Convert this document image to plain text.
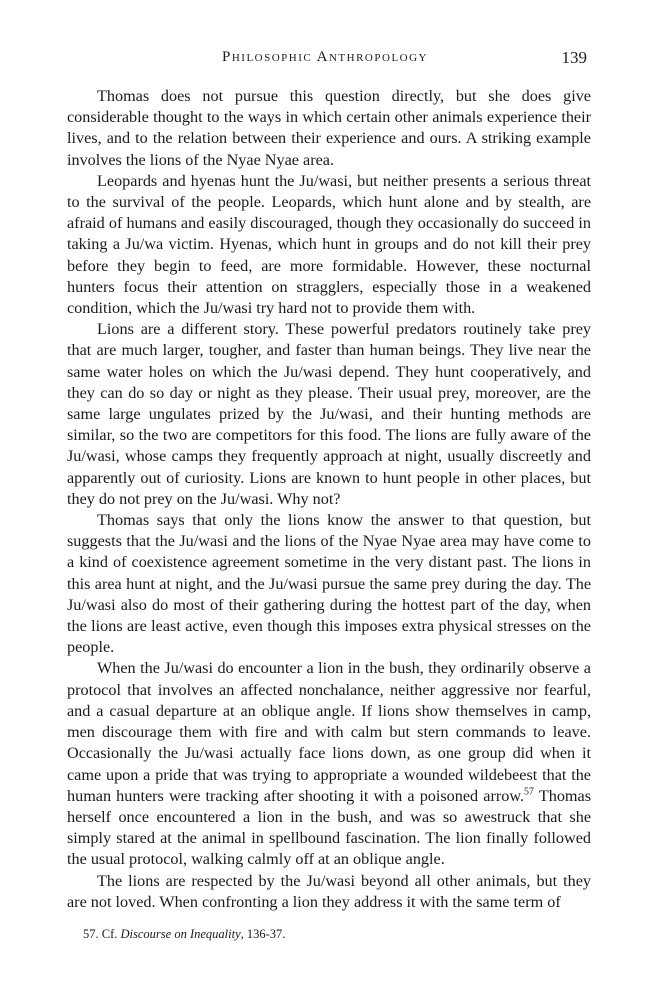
Philosophic Anthropology	139

Thomas does not pursue this question directly, but she does give considerable thought to the ways in which certain other animals experience their lives, and to the relation between their experience and ours. A striking example involves the lions of the Nyae Nyae area.

Leopards and hyenas hunt the Ju/wasi, but neither presents a serious threat to the survival of the people. Leopards, which hunt alone and by stealth, are afraid of humans and easily discouraged, though they occasionally do succeed in taking a Ju/wa victim. Hyenas, which hunt in groups and do not kill their prey before they begin to feed, are more formidable. However, these nocturnal hunters focus their attention on stragglers, especially those in a weakened condition, which the Ju/wasi try hard not to provide them with.

Lions are a different story. These powerful predators routinely take prey that are much larger, tougher, and faster than human beings. They live near the same water holes on which the Ju/wasi depend. They hunt cooperatively, and they can do so day or night as they please. Their usual prey, moreover, are the same large ungulates prized by the Ju/wasi, and their hunting methods are similar, so the two are competitors for this food. The lions are fully aware of the Ju/wasi, whose camps they frequently approach at night, usually discreetly and apparently out of curiosity. Lions are known to hunt people in other places, but they do not prey on the Ju/wasi. Why not?

Thomas says that only the lions know the answer to that question, but suggests that the Ju/wasi and the lions of the Nyae Nyae area may have come to a kind of coexistence agreement sometime in the very distant past. The lions in this area hunt at night, and the Ju/wasi pursue the same prey during the day. The Ju/wasi also do most of their gathering during the hottest part of the day, when the lions are least active, even though this imposes extra physical stresses on the people.

When the Ju/wasi do encounter a lion in the bush, they ordinarily observe a protocol that involves an affected nonchalance, neither aggressive nor fearful, and a casual departure at an oblique angle. If lions show themselves in camp, men discourage them with fire and with calm but stern commands to leave. Occasionally the Ju/wasi actually face lions down, as one group did when it came upon a pride that was trying to appropriate a wounded wildebeest that the human hunters were tracking after shooting it with a poisoned arrow.$^{57}$ Thomas herself once encountered a lion in the bush, and was so awestruck that she simply stared at the animal in spellbound fascination. The lion finally followed the usual protocol, walking calmly off at an oblique angle.

The lions are respected by the Ju/wasi beyond all other animals, but they are not loved. When confronting a lion they address it with the same term of

57. Cf. Discourse on Inequality, 136-37.
